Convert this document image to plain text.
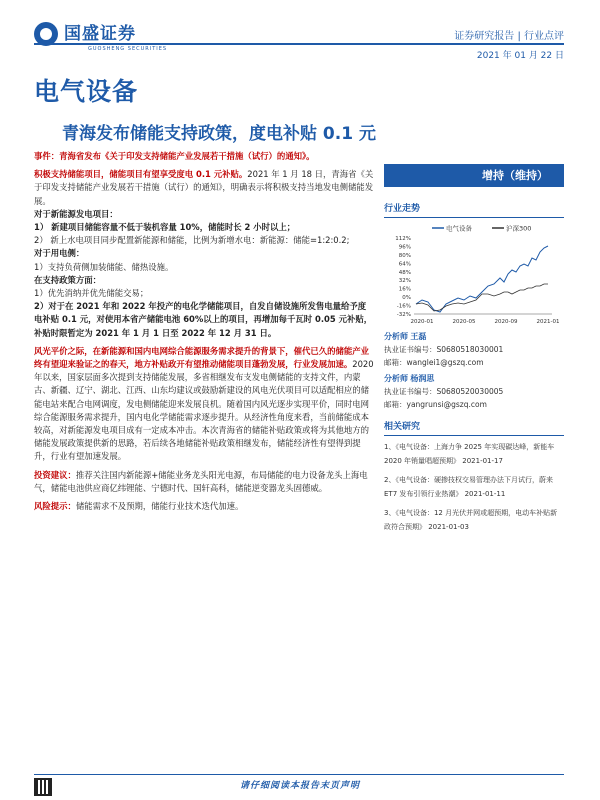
国盛证券
GUOSHENG SECURITIES
证券研究报告 | 行业点评
2021 年 01 月 22 日
电气设备
青海发布储能支持政策，度电补贴 0.1 元

事件：青海省发布《关于印发支持储能产业发展若干措施（试行）的通知》。

积极支持储能项目，储能项目有望享受度电 0.1 元补贴。2021 年 1 月 18 日，青海省《关于印发支持储能产业发展若干措施（试行）的通知》，明确表示将积极支持当地发电侧储能发展。

对于新能源发电项目：

1） 新建项目储能容量不低于装机容量 10%，储能时长 2 小时以上；

2） 新上水电项目同步配置新能源和储能，比例为新增水电：新能源：储能=1:2:0.2;

对于用电侧：

1）支持负荷侧加装储能、储热设施。

在支持政策方面：

1）优先消纳并优先储能交易；

2）对于在 2021 年和 2022 年投产的电化学储能项目，自发自储设施所发售电量给予度电补贴 0.1 元，对使用本省产储能电池 60%以上的项目，再增加每千瓦时 0.05 元补贴，补贴时限暂定为 2021 年 1 月 1 日至 2022 年 12 月 31 日。

风光平价之际，在新能源和国内电网综合能源服务需求提升的背景下，催代已久的储能产业终有望迎来验证之的春天，地方补贴政开有望推动储能项目蓬勃发展，行业发展加速。2020 年以来，国家层面多次提到支持储能发展，多省相继发布支发电侧储能的支持文件，内蒙古、新疆、辽宁、湖北、江西、山东均建议或鼓励新建设的风电光伏项目可以适配相应的储能电站来配合电网调度，发电侧储能迎来发展良机。随着国内风光逐步实现平价，同时电网综合能源服务需求提升，国内电化学储能需求逐步提升。从经济性角度来看，当前储能成本较高，对新能源发电项目成有一定成本冲击。本次青海省的储能补贴政策或将为其他地方的储能发展政策提供新的思路，若后续各地储能补贴政策相继发布，储能经济性有望得到提升，行业有望加速发展。

投资建议：推荐关注国内新能源+储能业务龙头阳光电源，布局储能的电力设备龙头上海电气，储能电池供应商亿纬锂能、宁德时代、国轩高科，储能逆变器龙头固德威。

风险提示：储能需求不及预期，储能行业技术迭代加速。

增持（维持）
行业走势
电气设备	沪深300
112%
96%
80%
64%
48%
32%
16%
0%
-16%
-32%
2020-01	2020-05	2020-09	2021-01
分析师 王磊
执业证书编号：S0680518030001
邮箱：wanglei1@gszq.com
分析师 杨润思
执业证书编号：S0680520030005
邮箱：yangrunsi@gszq.com
相关研究
1、《电气设备：上海力争 2025 年实现碳达峰，新能车 2020 年销量唱超预期》 2021-01-17
2、《电气设备：硬掺技权交易管理办法下月试行，蔚来 ET7 发布引领行业热潮》 2021-01-11
3、《电气设备：12 月光伏并网或超预期，电动车补贴新政符合预期》 2021-01-03
请仔细阅读本报告末页声明
